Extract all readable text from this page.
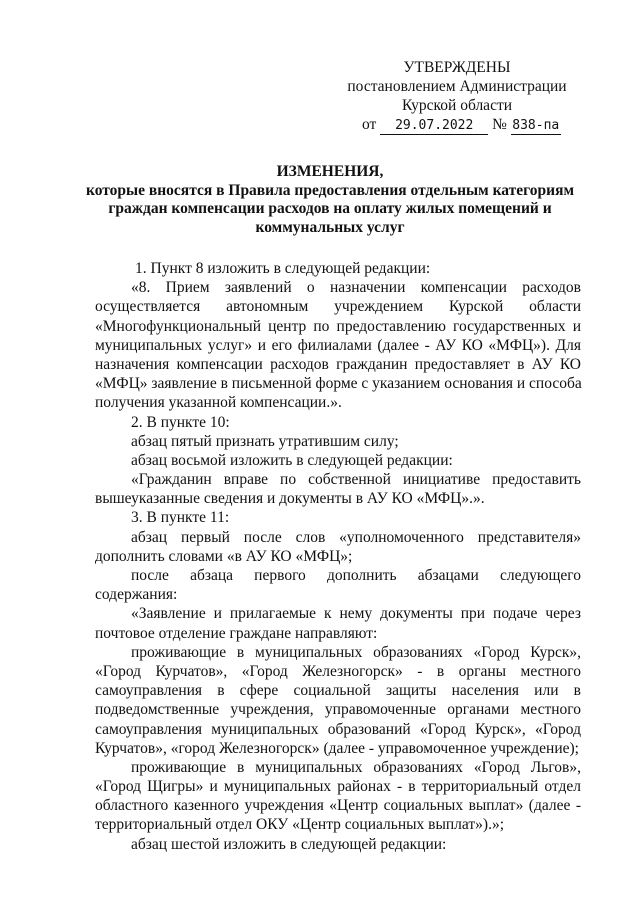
УТВЕРЖДЕНЫ
постановлением Администрации
Курской области
от 29.07.2022 № 838-па
ИЗМЕНЕНИЯ,
которые вносятся в Правила предоставления отдельным категориям
граждан компенсации расходов на оплату жилых помещений и
коммунальных услуг
1. Пункт 8 изложить в следующей редакции:
«8. Прием заявлений о назначении компенсации расходов
осуществляется автономным учреждением Курской области
«Многофункциональный центр по предоставлению государственных и
муниципальных услуг» и его филиалами (далее - АУ КО «МФЦ»). Для
назначения компенсации расходов гражданин предоставляет в АУ КО
«МФЦ» заявление в письменной форме с указанием основания и способа
получения указанной компенсации.».
2. В пункте 10:
абзац пятый признать утратившим силу;
абзац восьмой изложить в следующей редакции:
«Гражданин вправе по собственной инициативе предоставить
вышеуказанные сведения и документы в АУ КО «МФЦ».».
3. В пункте 11:
абзац первый после слов «уполномоченного представителя»
дополнить словами «в АУ КО «МФЦ»;
после абзаца первого дополнить абзацами следующего
содержания:
«Заявление и прилагаемые к нему документы при подаче через
почтовое отделение граждане направляют:
проживающие в муниципальных образованиях «Город Курск»,
«Город Курчатов», «Город Железногорск» - в органы местного
самоуправления в сфере социальной защиты населения или в
подведомственные учреждения, управомоченные органами местного
самоуправления муниципальных образований «Город Курск», «Город
Курчатов», «город Железногорск» (далее - управомоченное учреждение);
проживающие в муниципальных образованиях «Город Льгов»,
«Город Щигры» и муниципальных районах - в территориальный отдел
областного казенного учреждения «Центр социальных выплат» (далее -
территориальный отдел ОКУ «Центр социальных выплат»).»;
абзац шестой изложить в следующей редакции:
